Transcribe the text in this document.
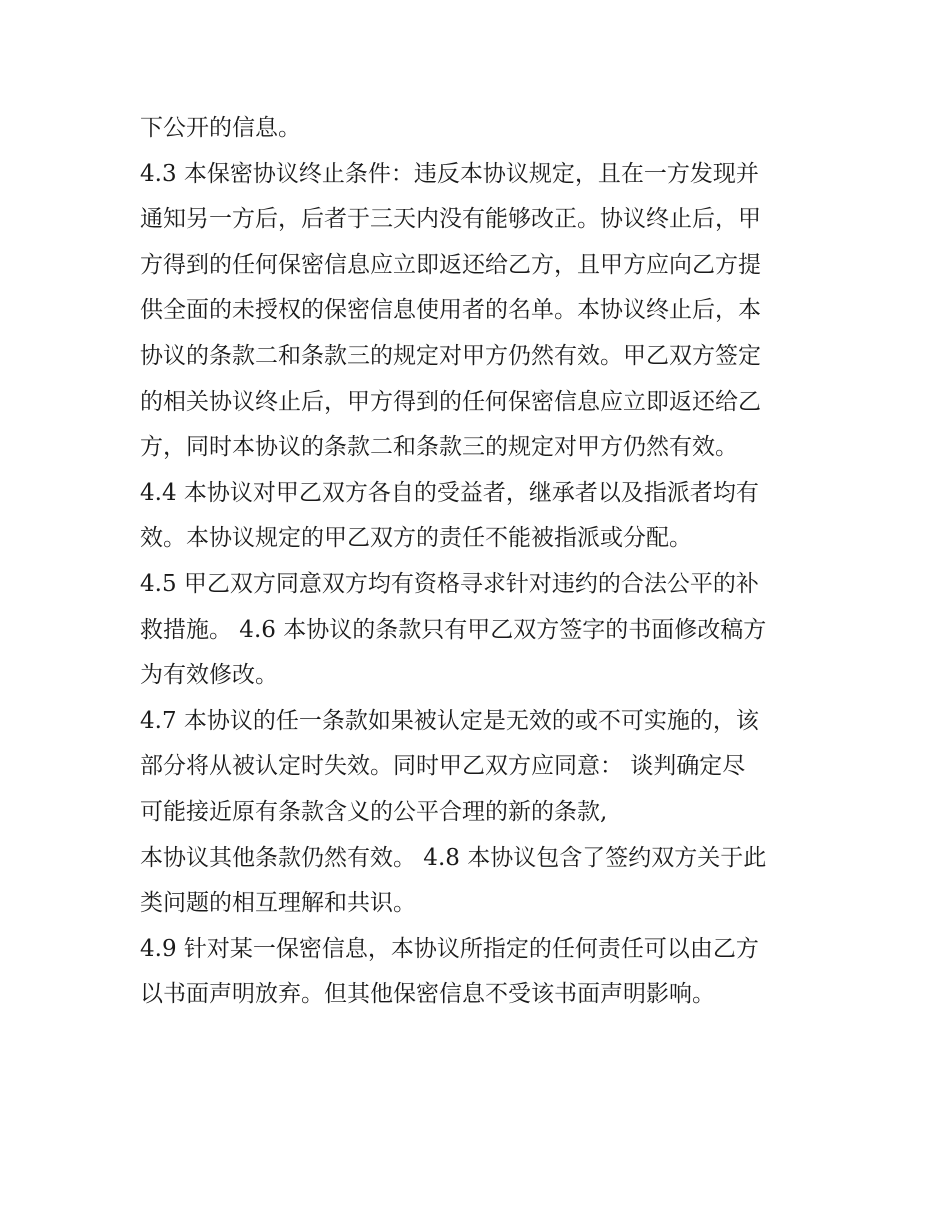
下公开的信息。
4.3 本保密协议终止条件：违反本协议规定，且在一方发现并
通知另一方后，后者于三天内没有能够改正。协议终止后，甲
方得到的任何保密信息应立即返还给乙方，且甲方应向乙方提
供全面的未授权的保密信息使用者的名单。本协议终止后，本
协议的条款二和条款三的规定对甲方仍然有效。甲乙双方签定
的相关协议终止后，甲方得到的任何保密信息应立即返还给乙
方，同时本协议的条款二和条款三的规定对甲方仍然有效。
4.4 本协议对甲乙双方各自的受益者，继承者以及指派者均有
效。本协议规定的甲乙双方的责任不能被指派或分配。
4.5 甲乙双方同意双方均有资格寻求针对违约的合法公平的补
救措施。 4.6 本协议的条款只有甲乙双方签字的书面修改稿方
为有效修改。
4.7 本协议的任一条款如果被认定是无效的或不可实施的，该
部分将从被认定时失效。同时甲乙双方应同意： 谈判确定尽
可能接近原有条款含义的公平合理的新的条款,
本协议其他条款仍然有效。 4.8 本协议包含了签约双方关于此
类问题的相互理解和共识。
4.9 针对某一保密信息，本协议所指定的任何责任可以由乙方
以书面声明放弃。但其他保密信息不受该书面声明影响。
